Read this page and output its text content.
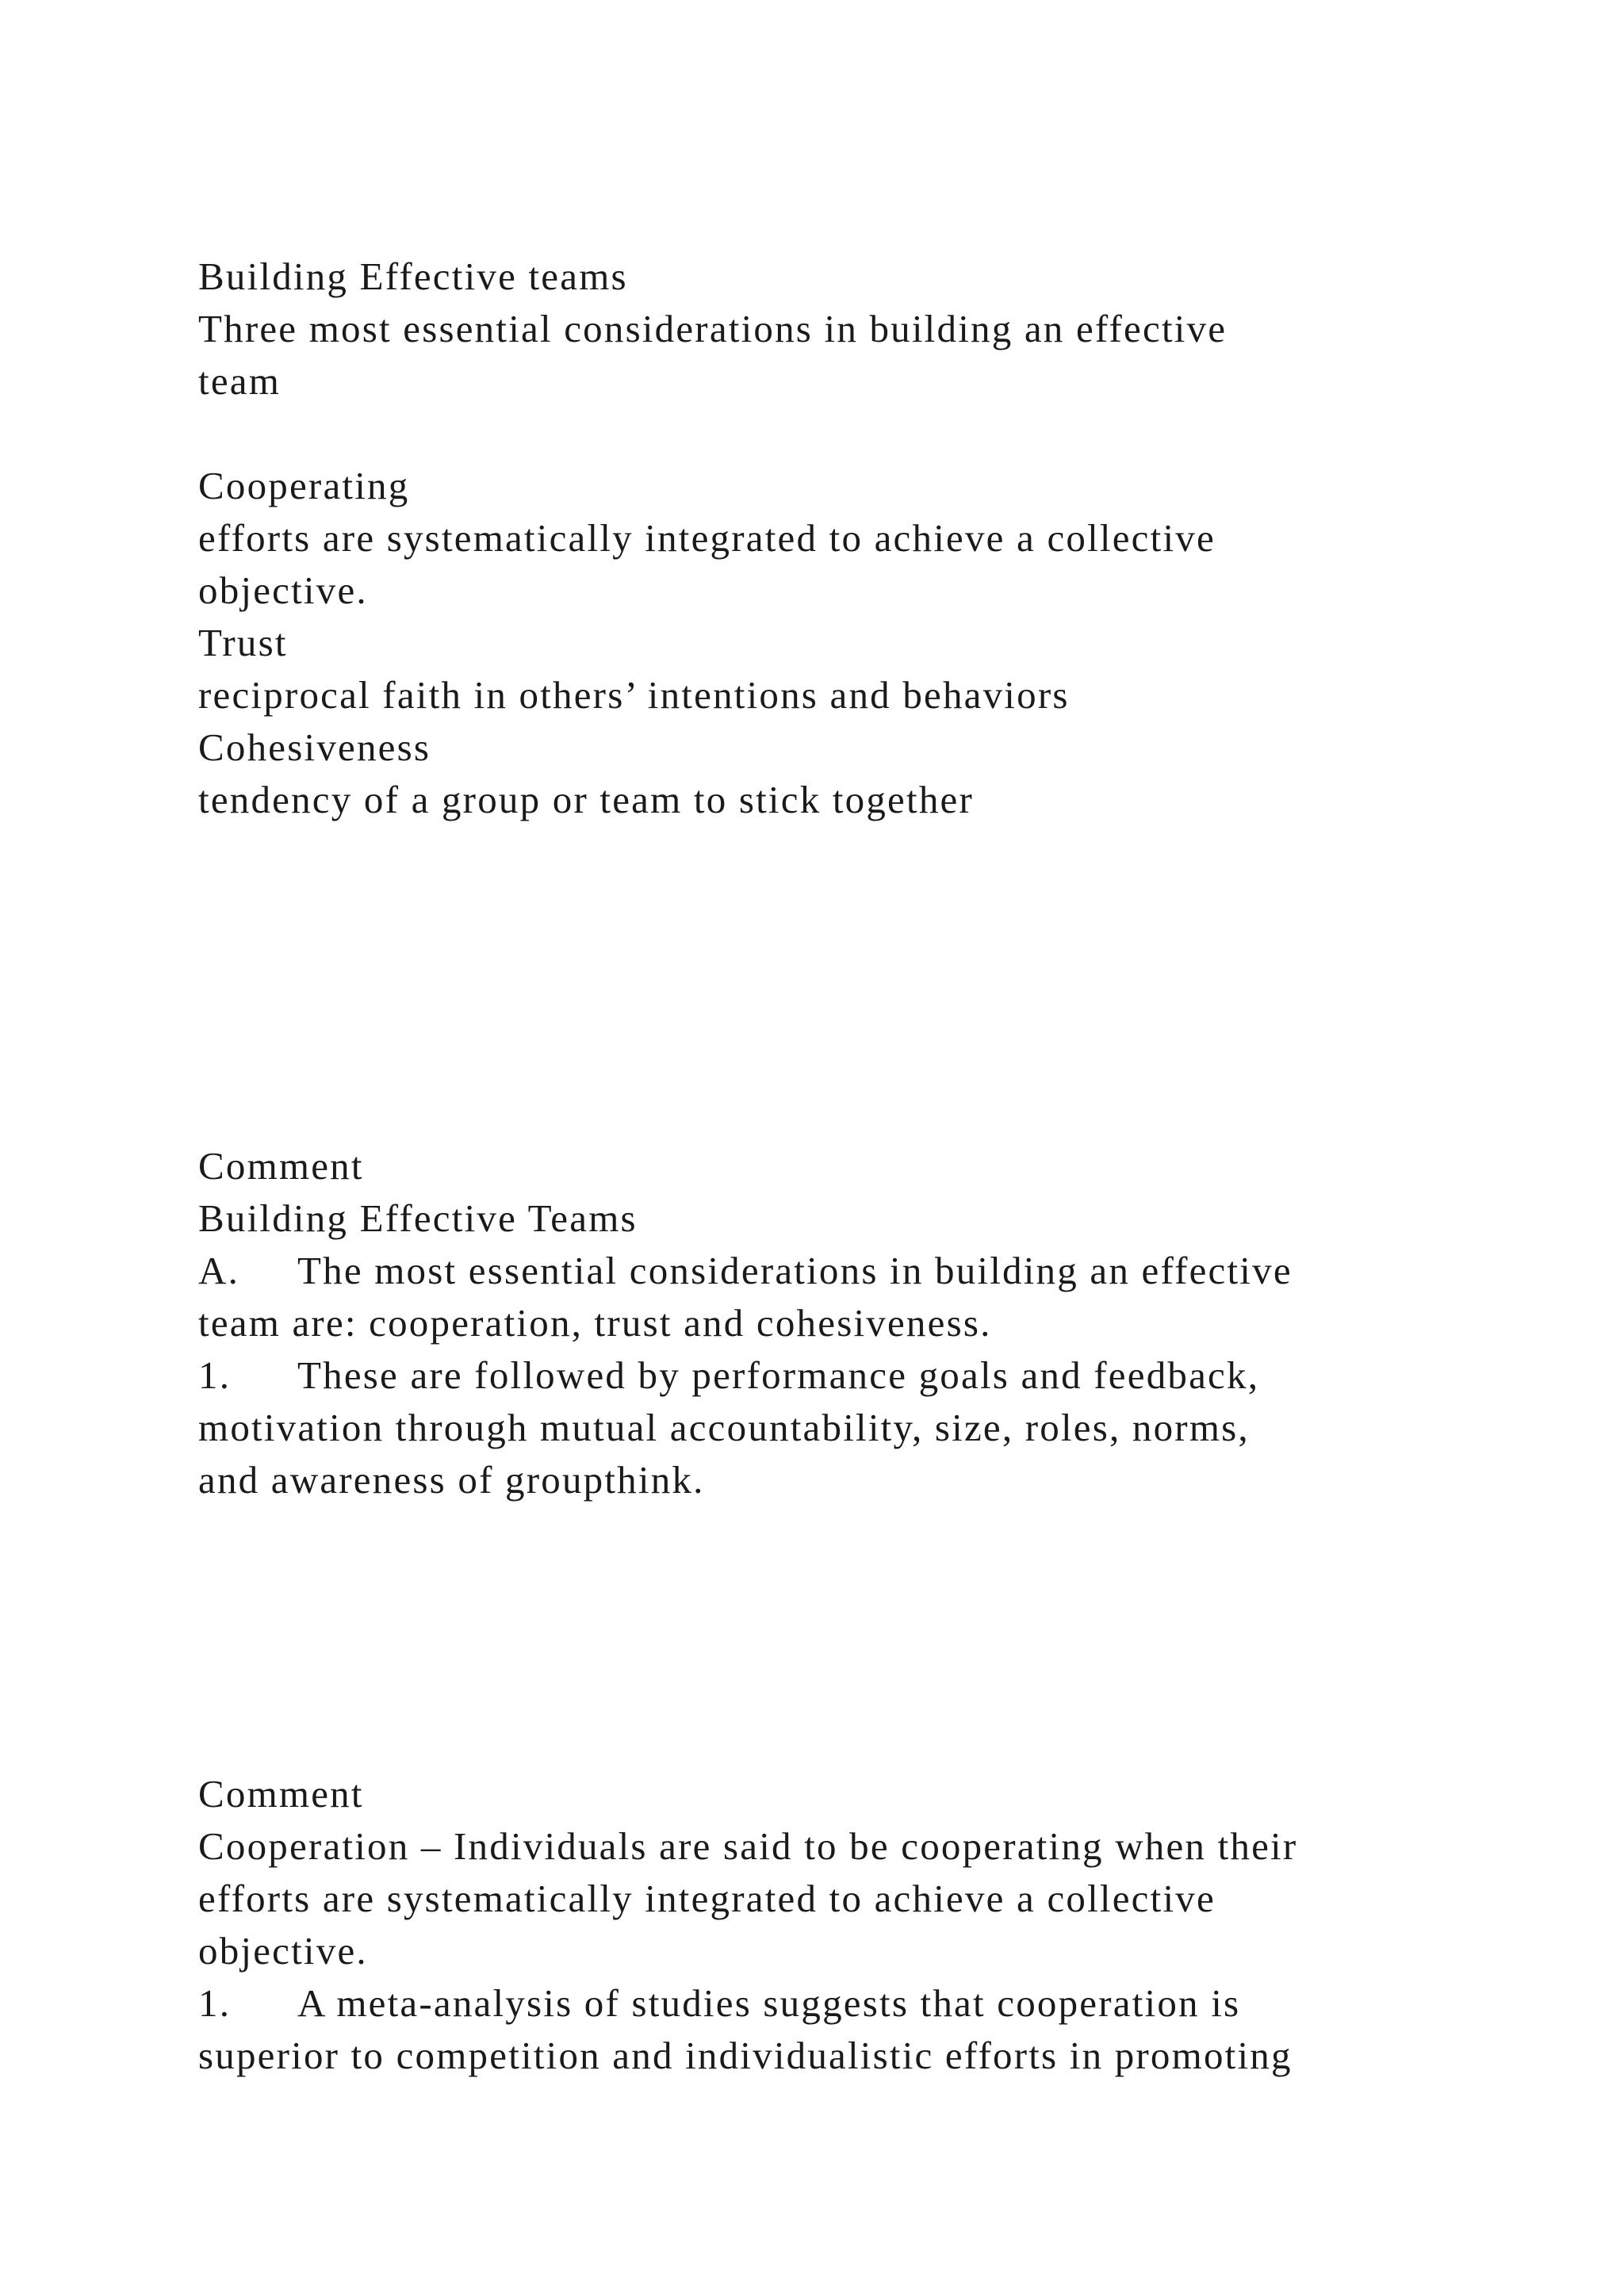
Building Effective teams
Three most essential considerations in building an effective
team
Cooperating
efforts are systematically integrated to achieve a collective
objective.
Trust
reciprocal faith in others’ intentions and behaviors
Cohesiveness
tendency of a group or team to stick together
Comment
Building Effective Teams
A. The most essential considerations in building an effective
team are: cooperation, trust and cohesiveness.
1. These are followed by performance goals and feedback,
motivation through mutual accountability, size, roles, norms,
and awareness of groupthink.
Comment
Cooperation – Individuals are said to be cooperating when their
efforts are systematically integrated to achieve a collective
objective.
1. A meta-analysis of studies suggests that cooperation is
superior to competition and individualistic efforts in promoting
